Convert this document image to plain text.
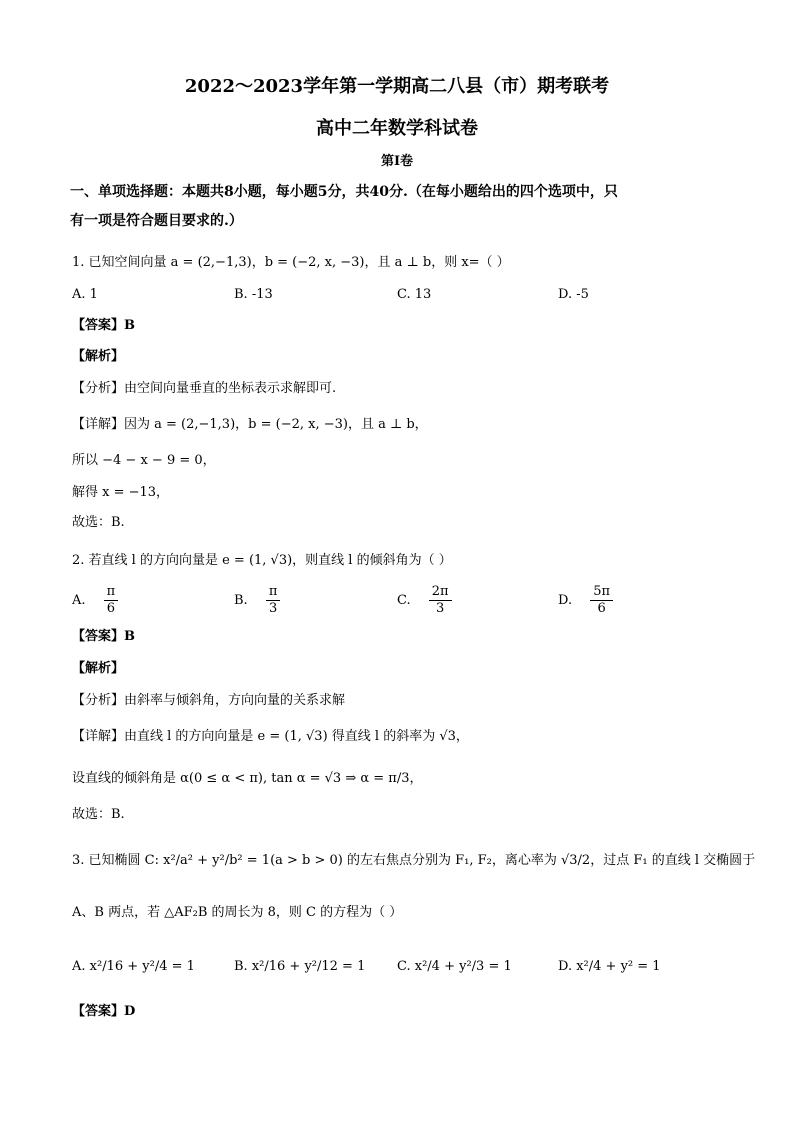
2022～2023学年第一学期高二八县（市）期考联考
高中二年数学科试卷
第I卷
一、单项选择题：本题共8小题，每小题5分，共40分.（在每小题给出的四个选项中，只
有一项是符合题目要求的.）
1. 已知空间向量 a = (2,−1,3)，b = (−2, x, −3)，且 a ⊥ b，则 x=（ ）
A. 1	B. -13	C. 13	D. -5
【答案】B
【解析】
【分析】由空间向量垂直的坐标表示求解即可.
【详解】因为 a = (2,−1,3)，b = (−2, x, −3)，且 a ⊥ b，
所以 −4 − x − 9 = 0，
解得 x = −13，
故选：B.
2. 若直线 l 的方向向量是 e = (1, √3)，则直线 l 的倾斜角为（ ）
A. $\frac{\pi}{6}$	B. $\frac{\pi}{3}$	C. $\frac{2\pi}{3}$	D. $\frac{5\pi}{6}$
【答案】B
【解析】
【分析】由斜率与倾斜角，方向向量的关系求解
【详解】由直线 l 的方向向量是 e = (1, √3) 得直线 l 的斜率为 √3，
设直线的倾斜角是 α(0 ≤ α < π), tan α = √3 ⇒ α = π/3，
故选：B.
3. 已知椭圆 C: x²/a² + y²/b² = 1(a > b > 0) 的左右焦点分别为 F₁, F₂，离心率为 √3/2，过点 F₁ 的直线 l 交椭圆于
A、B 两点，若 △AF₂B 的周长为 8，则 C 的方程为（ ）
A. x²/16 + y²/4 = 1	B. x²/16 + y²/12 = 1 C. x²/4 + y²/3 = 1	D. x²/4 + y² = 1
【答案】D
